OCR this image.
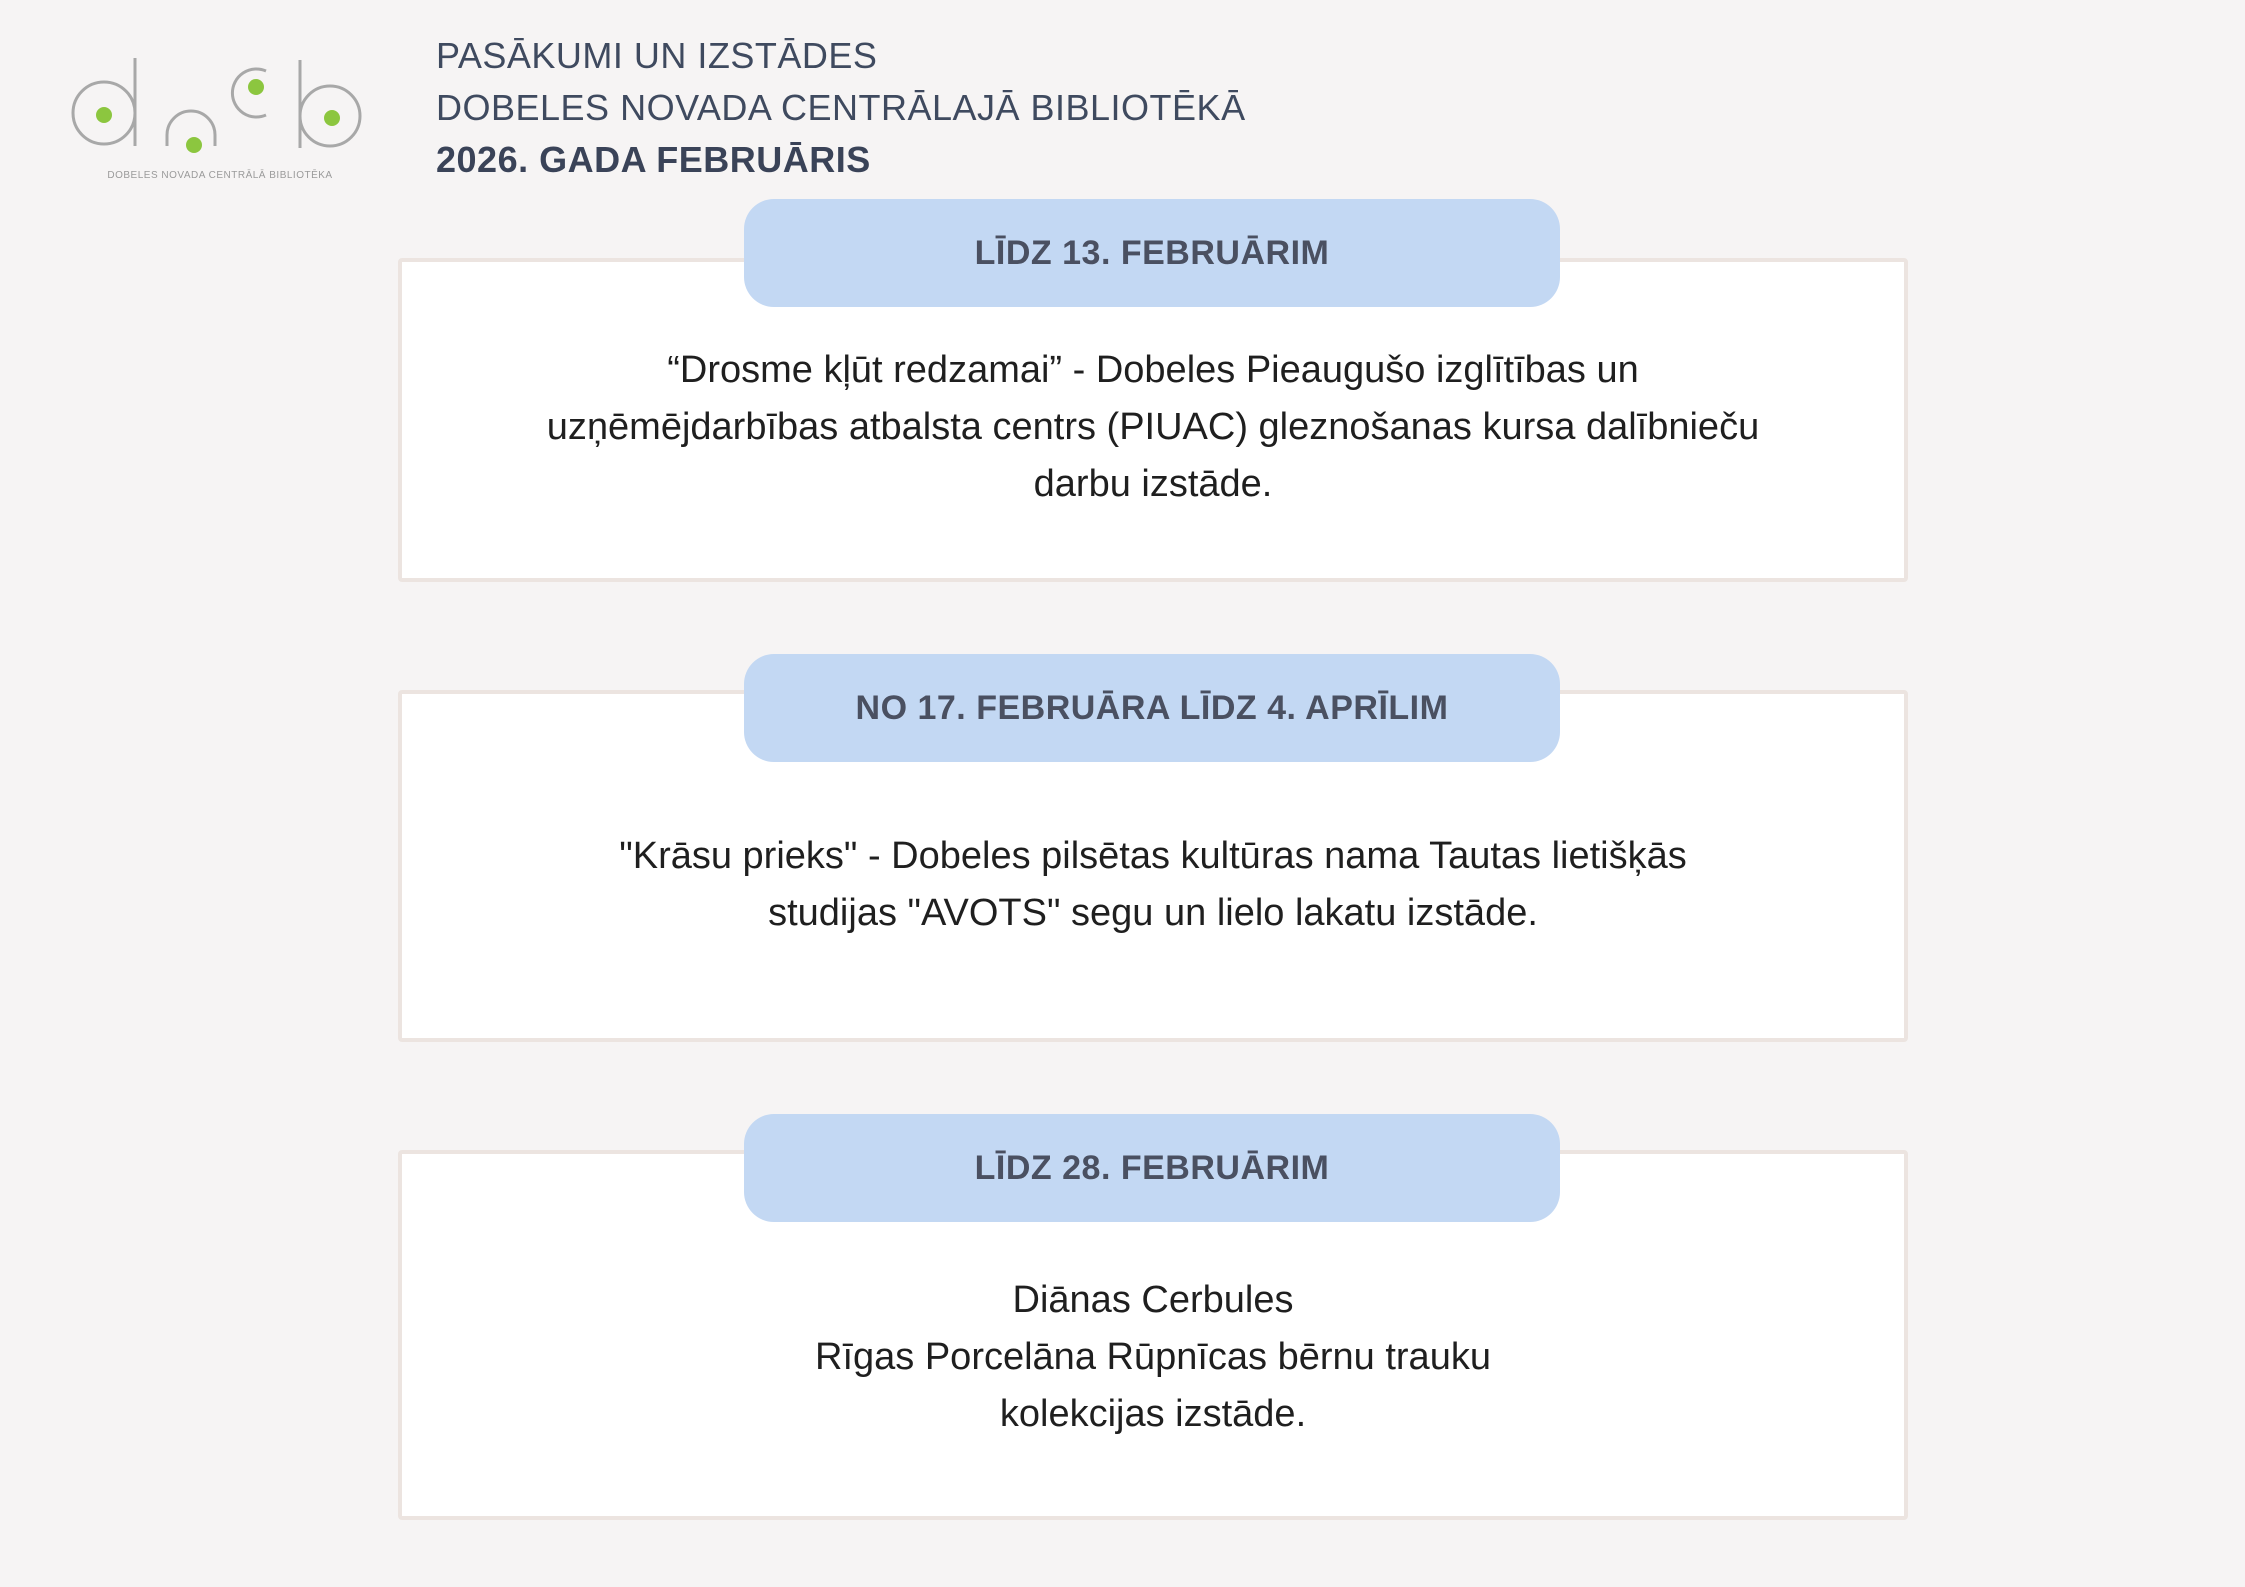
DOBELES NOVADA CENTRĀLĀ BIBLIOTĒKA
PASĀKUMI UN IZSTĀDES
DOBELES NOVADA CENTRĀLAJĀ BIBLIOTĒKĀ
2026. GADA FEBRUĀRIS
“Drosme kļūt redzamai” - Dobeles Pieaugušo izglītības un
uzņēmējdarbības atbalsta centrs (PIUAC) gleznošanas kursa dalībnieču
darbu izstāde.
LĪDZ 13. FEBRUĀRIM
"Krāsu prieks" - Dobeles pilsētas kultūras nama Tautas lietišķās
studijas "AVOTS" segu un lielo lakatu izstāde.
NO 17. FEBRUĀRA LĪDZ 4. APRĪLIM
Diānas Cerbules
Rīgas Porcelāna Rūpnīcas bērnu trauku
kolekcijas izstāde.
LĪDZ 28. FEBRUĀRIM
